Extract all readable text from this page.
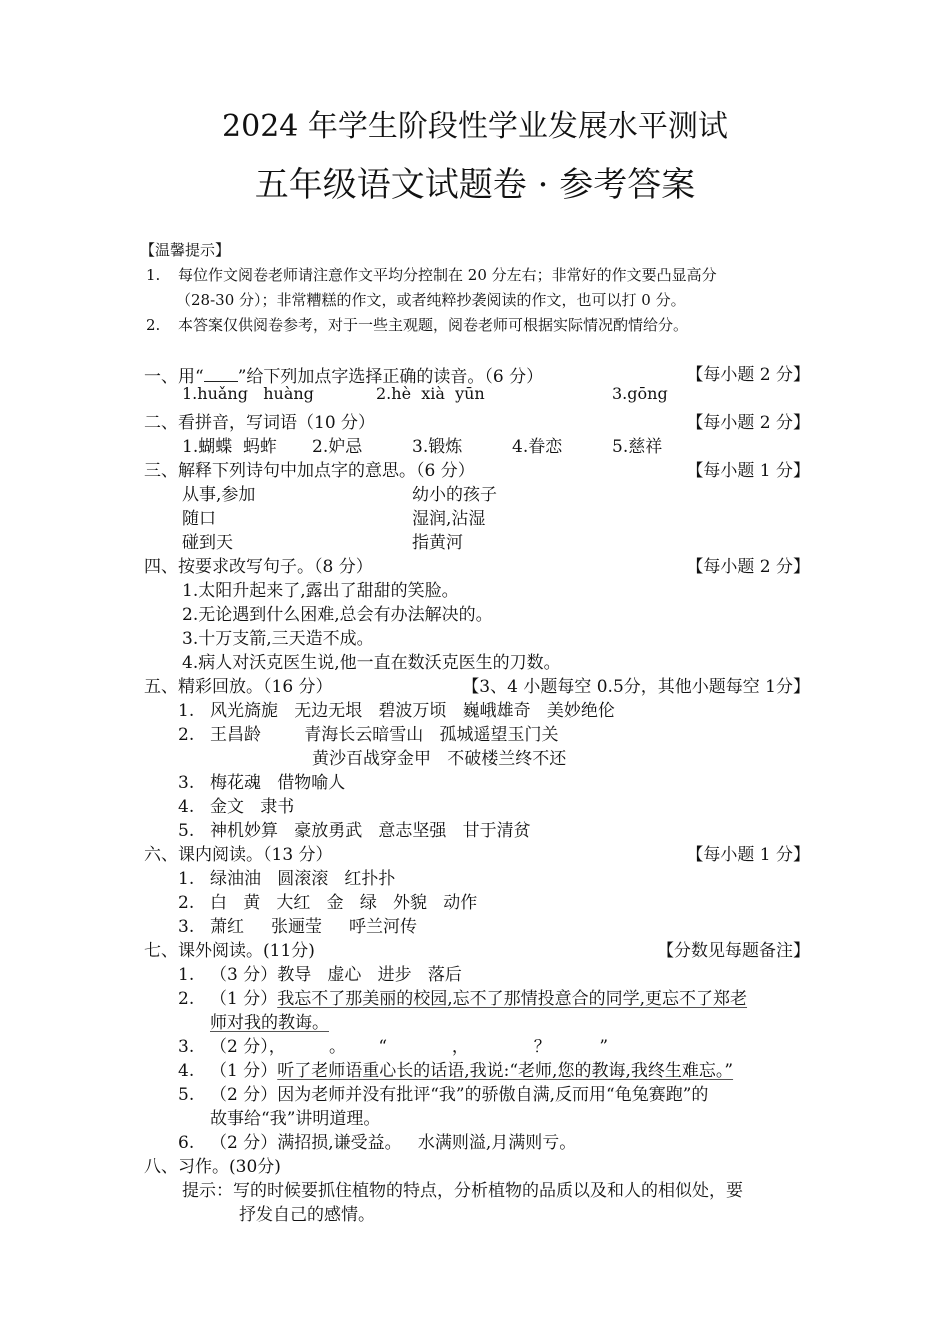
2024 年学生阶段性学业发展水平测试
五年级语文试题卷 · 参考答案
【温馨提示】
1. 每位作文阅卷老师请注意作文平均分控制在 20 分左右；非常好的作文要凸显高分
（28-30 分）；非常糟糕的作文，或者纯粹抄袭阅读的作文，也可以打 0 分。
2. 本答案仅供阅卷参考，对于一些主观题，阅卷老师可根据实际情况酌情给分。
一、用“ ”给下列加点字选择正确的读音。（6 分）	【每小题 2 分】
1.huǎng   huàng	2.hè  xià  yūn	3.gōng
二、看拼音，写词语（10 分）	【每小题 2 分】
1.蝴蝶  蚂蚱 2.妒忌	3.锻炼	4.眷恋	5.慈祥
三、解释下列诗句中加点字的意思。（6 分）	【每小题 1 分】
从事,参加	幼小的孩子
随口	湿润,沾湿
碰到天	指黄河
四、按要求改写句子。（8 分）	【每小题 2 分】
1.太阳升起来了,露出了甜甜的笑脸。
2.无论遇到什么困难,总会有办法解决的。
3.十万支箭,三天造不成。
4.病人对沃克医生说,他一直在数沃克医生的刀数。
五、精彩回放。（16 分）	【3、4 小题每空 0.5分，其他小题每空 1分】
1. 风光旖旎   无边无垠   碧波万顷   巍峨雄奇   美妙绝伦
2. 王昌龄        青海长云暗雪山   孤城遥望玉门关
黄沙百战穿金甲   不破楼兰终不还
3. 梅花魂   借物喻人
4. 金文   隶书
5. 神机妙算   豪放勇武   意志坚强   甘于清贫
六、课内阅读。（13 分）	【每小题 1 分】
1. 绿油油   圆滚滚   红扑扑
2. 白   黄   大红   金   绿   外貌   动作
3. 萧红     张逦莹     呼兰河传
七、课外阅读。(11分)	【分数见每题备注】
1. （3 分）教导   虚心   进步   落后
2. （1 分）我忘不了那美丽的校园,忘不了那情投意合的同学,更忘不了郑老
师对我的教诲。
3. （2 分），        。      “            ，            ？         ”
4. （1 分）听了老师语重心长的话语,我说:“老师,您的教诲,我终生难忘。”
5. （2 分）因为老师并没有批评“我”的骄傲自满,反而用“龟兔赛跑”的
故事给“我”讲明道理。
6. （2 分）满招损,谦受益。   水满则溢,月满则亏。
八、习作。(30分)
提示：写的时候要抓住植物的特点，分析植物的品质以及和人的相似处，要
抒发自己的感情。
